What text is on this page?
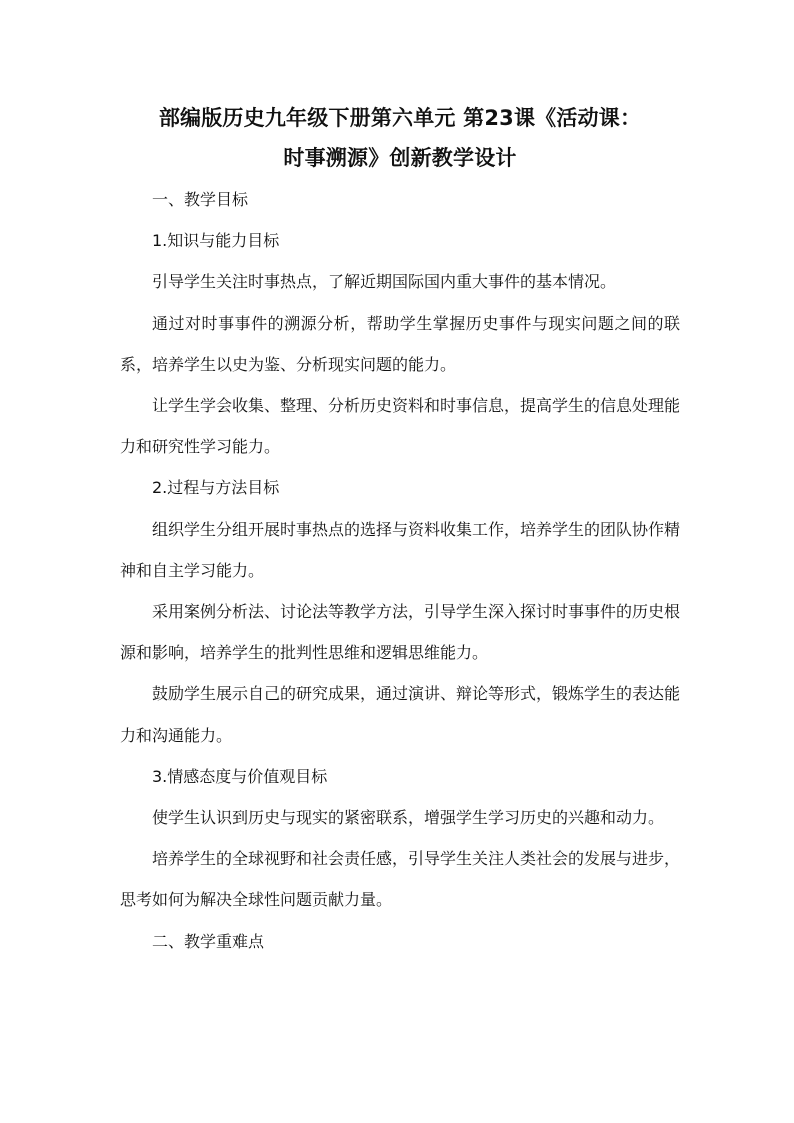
部编版历史九年级下册第六单元 第23课《活动课：
时事溯源》创新教学设计

一、教学目标

1.知识与能力目标

引导学生关注时事热点，了解近期国际国内重大事件的基本情况。

通过对时事事件的溯源分析，帮助学生掌握历史事件与现实问题之间的联系，培养学生以史为鉴、分析现实问题的能力。

让学生学会收集、整理、分析历史资料和时事信息，提高学生的信息处理能力和研究性学习能力。

2.过程与方法目标

组织学生分组开展时事热点的选择与资料收集工作，培养学生的团队协作精神和自主学习能力。

采用案例分析法、讨论法等教学方法，引导学生深入探讨时事事件的历史根源和影响，培养学生的批判性思维和逻辑思维能力。

鼓励学生展示自己的研究成果，通过演讲、辩论等形式，锻炼学生的表达能力和沟通能力。

3.情感态度与价值观目标

使学生认识到历史与现实的紧密联系，增强学生学习历史的兴趣和动力。

培养学生的全球视野和社会责任感，引导学生关注人类社会的发展与进步，思考如何为解决全球性问题贡献力量。

二、教学重难点
